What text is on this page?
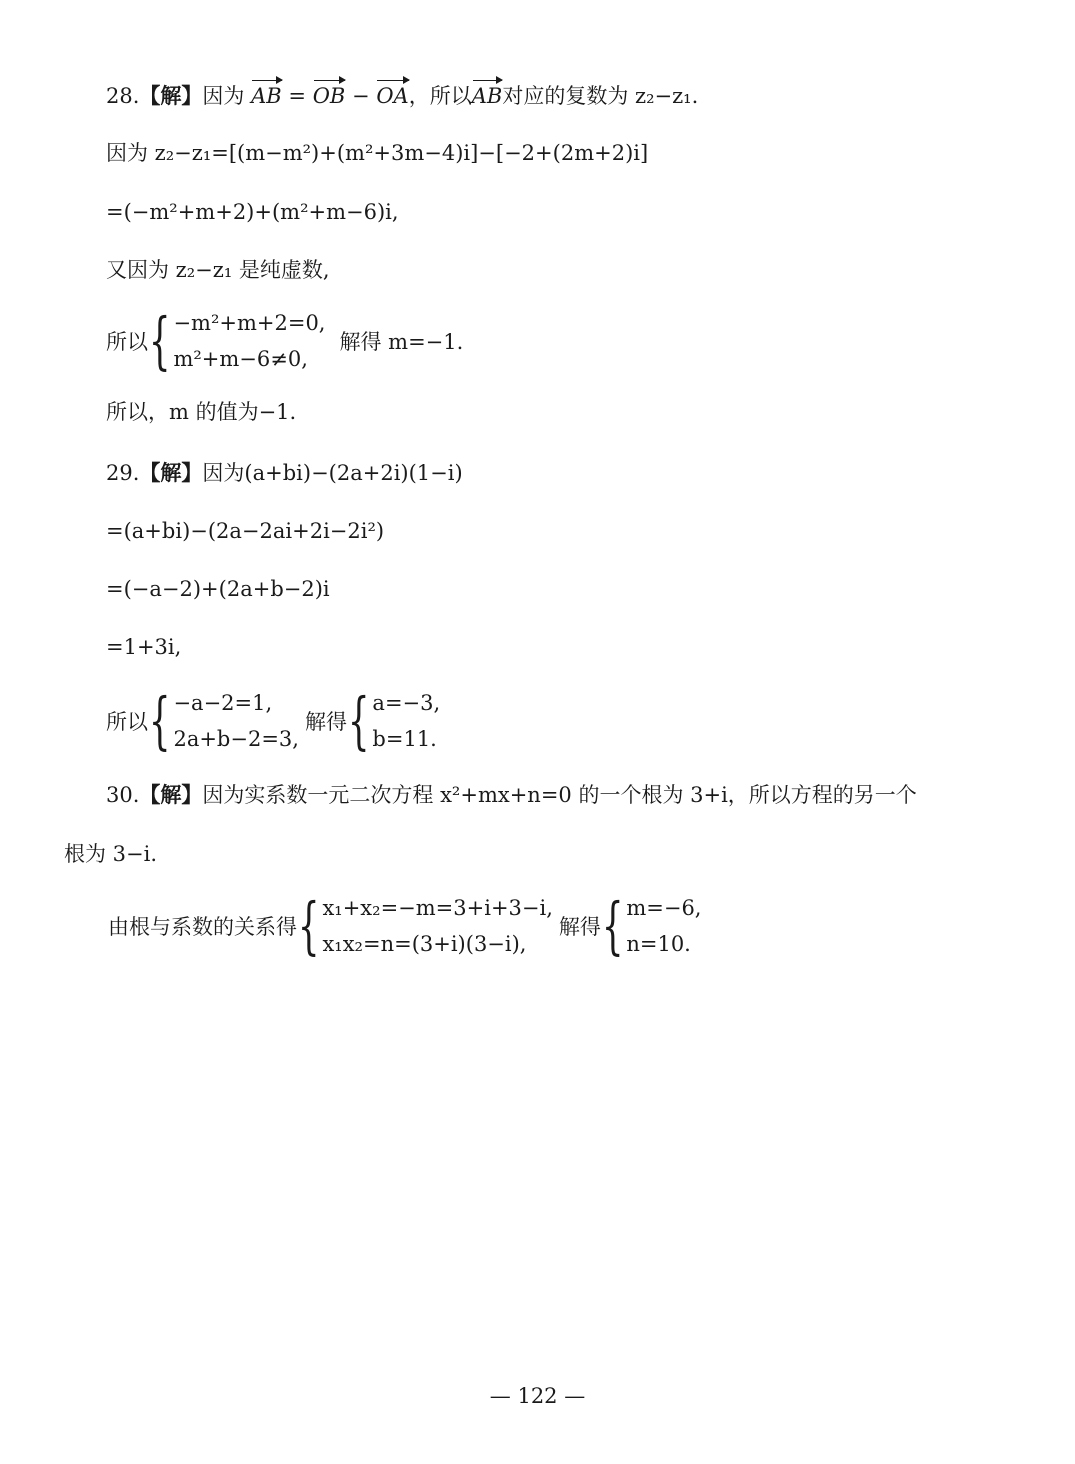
28.【解】因为 AB = OB − OA，所以AB对应的复数为 z₂−z₁.
因为 z₂−z₁=[(m−m²)+(m²+3m−4)i]−[−2+(2m+2)i]
=(−m²+m+2)+(m²+m−6)i,
又因为 z₂−z₁ 是纯虚数,
所以 { −m²+m+2=0,
m²+m−6≠0,
解得 m=−1.
所以，m 的值为−1.
29.【解】因为(a+bi)−(2a+2i)(1−i)
=(a+bi)−(2a−2ai+2i−2i²)
=(−a−2)+(2a+b−2)i
=1+3i,
所以 { −a−2=1,
2a+b−2=3,
解得 { a=−3,
b=11.
30.【解】因为实系数一元二次方程 x²+mx+n=0 的一个根为 3+i，所以方程的另一个
根为 3−i.
由根与系数的关系得 { x₁+x₂=−m=3+i+3−i,
x₁x₂=n=(3+i)(3−i),
解得 { m=−6,
n=10.
— 122 —
